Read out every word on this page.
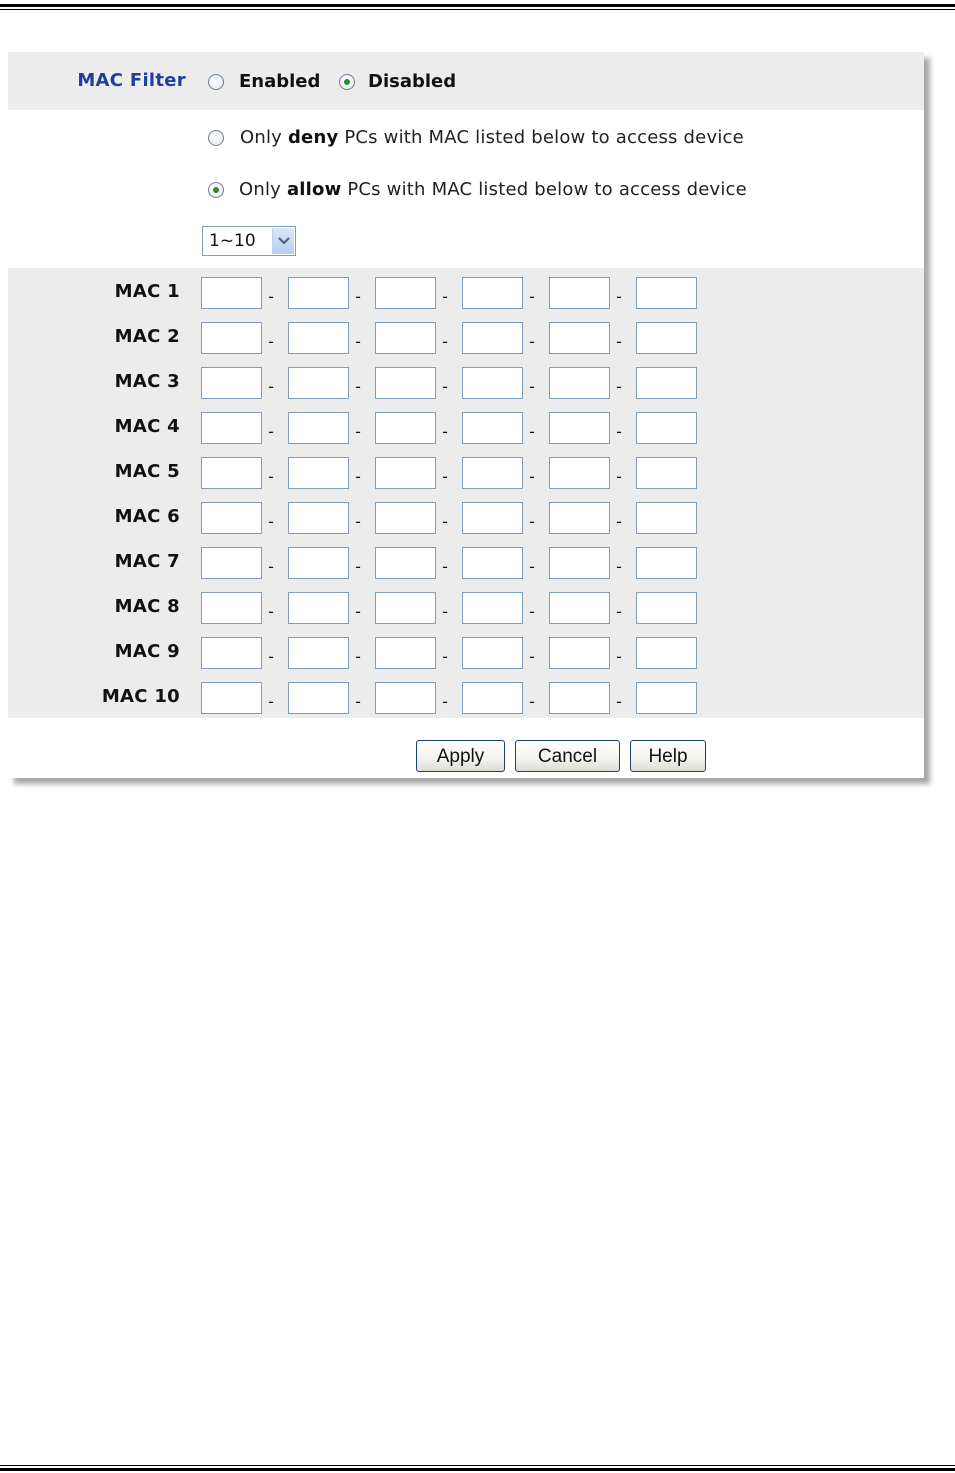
MAC Filter	Enabled	Disabled
Only deny PCs with MAC listed below to access device
Only allow PCs with MAC listed below to access device
1~10
MAC 1	-	-	-	-	-
MAC 2	-	-	-	-	-
MAC 3	-	-	-	-	-
MAC 4	-	-	-	-	-
MAC 5	-	-	-	-	-
MAC 6	-	-	-	-	-
MAC 7	-	-	-	-	-
MAC 8	-	-	-	-	-
MAC 9	-	-	-	-	-
MAC 10	-	-	-	-	-
Apply	Cancel	Help
